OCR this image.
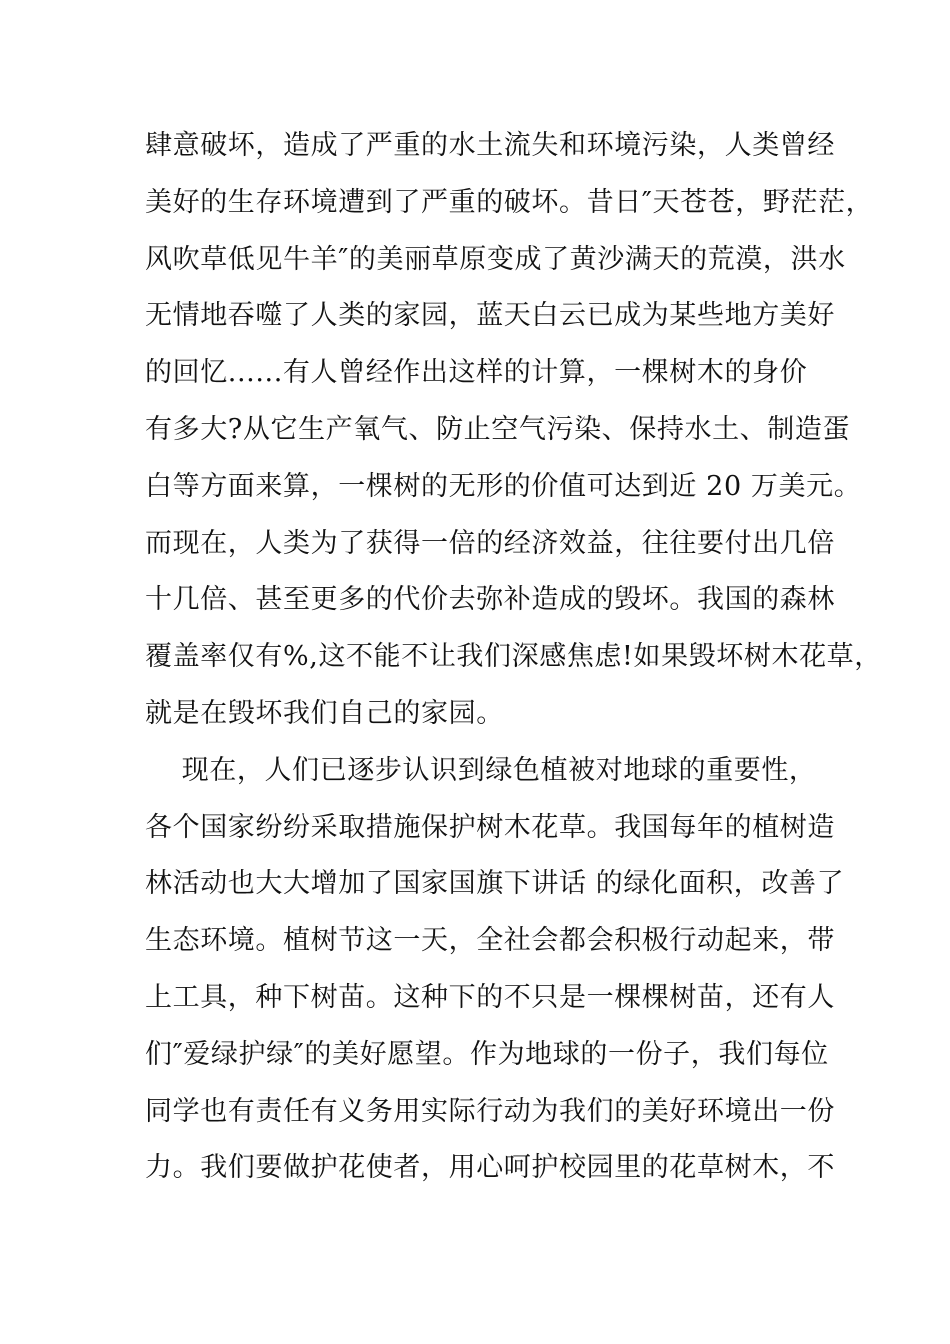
肆意破坏，造成了严重的水土流失和环境污染，人类曾经
美好的生存环境遭到了严重的破坏。昔日″天苍苍，野茫茫，
风吹草低见牛羊″的美丽草原变成了黄沙满天的荒漠，洪水
无情地吞噬了人类的家园，蓝天白云已成为某些地方美好
的回忆......有人曾经作出这样的计算，一棵树木的身价
有多大?从它生产氧气、防止空气污染、保持水土、制造蛋
白等方面来算，一棵树的无形的价值可达到近 20 万美元。
而现在，人类为了获得一倍的经济效益，往往要付出几倍
十几倍、甚至更多的代价去弥补造成的毁坏。我国的森林
覆盖率仅有%,这不能不让我们深感焦虑!如果毁坏树木花草，
就是在毁坏我们自己的家园。
现在，人们已逐步认识到绿色植被对地球的重要性，
各个国家纷纷采取措施保护树木花草。我国每年的植树造
林活动也大大增加了国家国旗下讲话 的绿化面积，改善了
生态环境。植树节这一天，全社会都会积极行动起来，带
上工具，种下树苗。这种下的不只是一棵棵树苗，还有人
们″爱绿护绿″的美好愿望。作为地球的一份子，我们每位
同学也有责任有义务用实际行动为我们的美好环境出一份
力。我们要做护花使者，用心呵护校园里的花草树木，不
